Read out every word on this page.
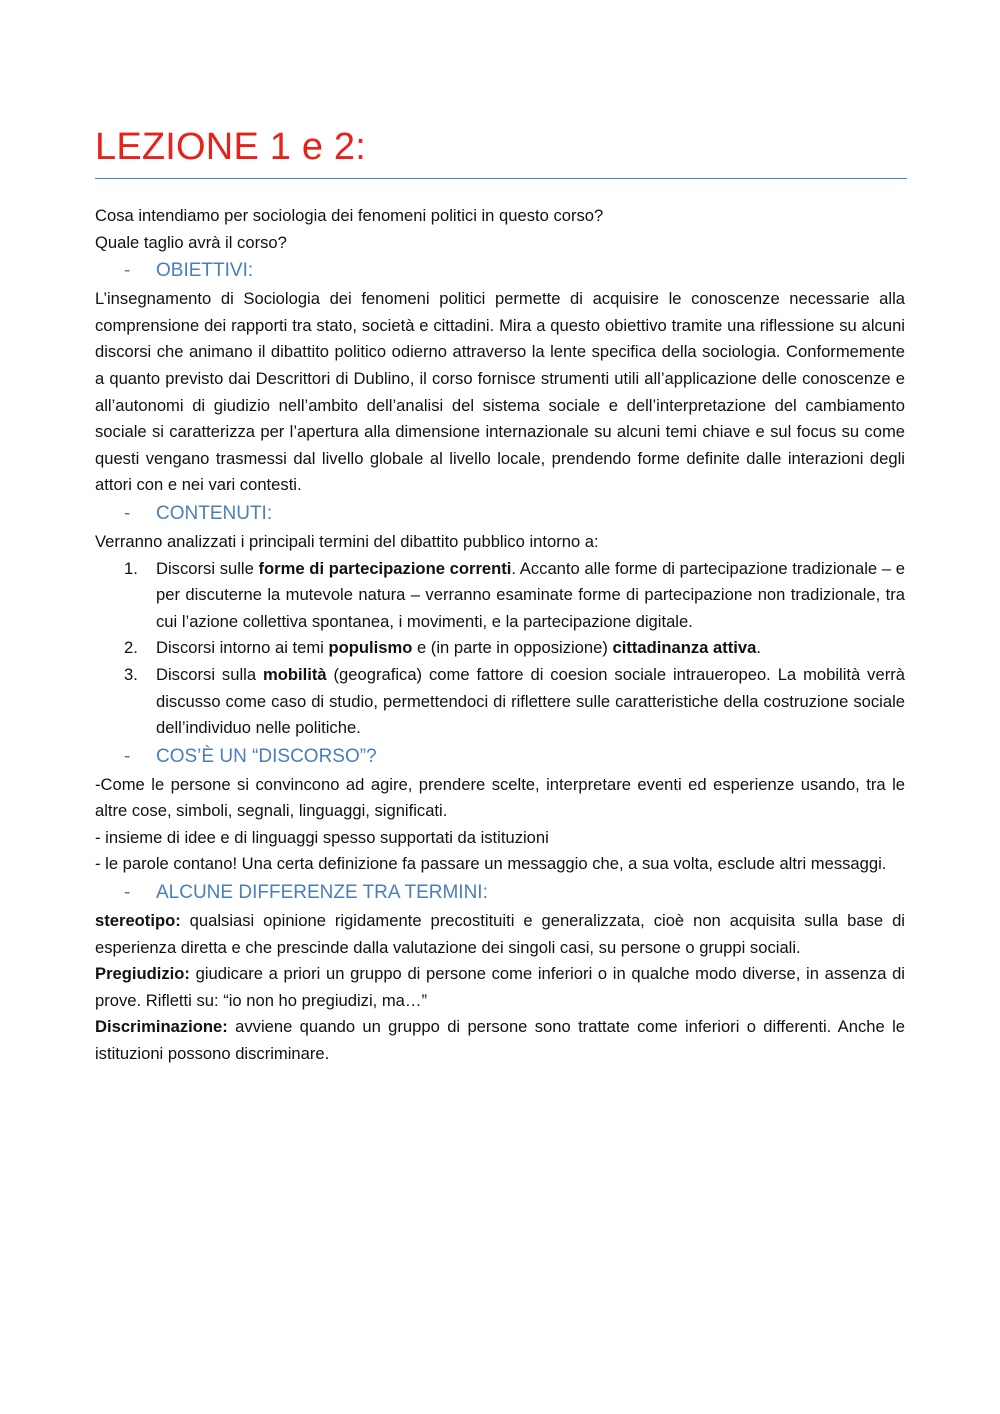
LEZIONE 1 e 2:

Cosa intendiamo per sociologia dei fenomeni politici in questo corso?

Quale taglio avrà il corso?

- OBIETTIVI:

L’insegnamento di Sociologia dei fenomeni politici permette di acquisire le conoscenze necessarie alla comprensione dei rapporti tra stato, società e cittadini. Mira a questo obiettivo tramite una riflessione su alcuni discorsi che animano il dibattito politico odierno attraverso la lente specifica della sociologia. Conformemente a quanto previsto dai Descrittori di Dublino, il corso fornisce strumenti utili all’applicazione delle conoscenze e all’autonomi di giudizio nell’ambito dell’analisi del sistema sociale e dell’interpretazione del cambiamento sociale si caratterizza per l’apertura alla dimensione internazionale su alcuni temi chiave e sul focus su come questi vengano trasmessi dal livello globale al livello locale, prendendo forme definite dalle interazioni degli attori con e nei vari contesti.

- CONTENUTI:

Verranno analizzati i principali termini del dibattito pubblico intorno a:

1. Discorsi sulle forme di partecipazione correnti. Accanto alle forme di partecipazione tradizionale – e per discuterne la mutevole natura – verranno esaminate forme di partecipazione non tradizionale, tra cui l’azione collettiva spontanea, i movimenti, e la partecipazione digitale.
2. Discorsi intorno ai temi populismo e (in parte in opposizione) cittadinanza attiva.
3. Discorsi sulla mobilità (geografica) come fattore di coesion sociale intraueropeo. La mobilità verrà discusso come caso di studio, permettendoci di riflettere sulle caratteristiche della costruzione sociale dell’individuo nelle politiche.
- COS’È UN “DISCORSO”?

-Come le persone si convincono ad agire, prendere scelte, interpretare eventi ed esperienze usando, tra le altre cose, simboli, segnali, linguaggi, significati.

- insieme di idee e di linguaggi spesso supportati da istituzioni

- le parole contano! Una certa definizione fa passare un messaggio che, a sua volta, esclude altri messaggi.

- ALCUNE DIFFERENZE TRA TERMINI:

stereotipo: qualsiasi opinione rigidamente precostituiti e generalizzata, cioè non acquisita sulla base di esperienza diretta e che prescinde dalla valutazione dei singoli casi, su persone o gruppi sociali.

Pregiudizio: giudicare a priori un gruppo di persone come inferiori o in qualche modo diverse, in assenza di prove. Rifletti su: “io non ho pregiudizi, ma…”

Discriminazione: avviene quando un gruppo di persone sono trattate come inferiori o differenti. Anche le istituzioni possono discriminare.
